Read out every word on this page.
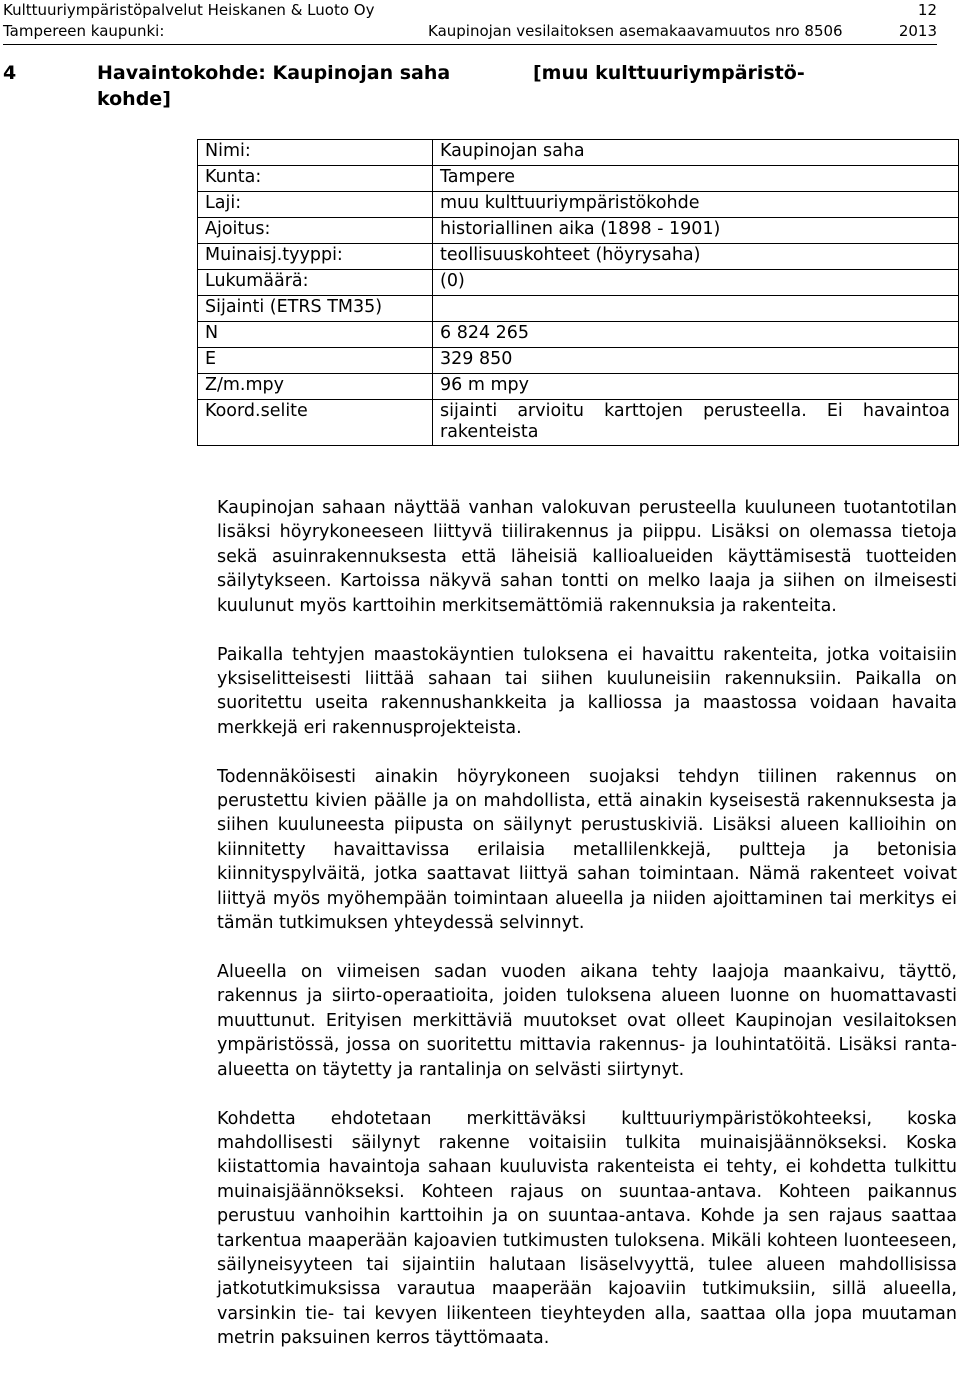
Kulttuuriympäristöpalvelut Heiskanen & Luoto Oy	12
Tampereen kaupunki:	Kaupinojan vesilaitoksen asemakaavamuutos nro 8506	2013
4	Havaintokohde: Kaupinojan saha	[muu kulttuuriympäristö-
kohde]
Nimi:	Kaupinojan saha
Kunta:	Tampere
Laji:	muu kulttuuriympäristökohde
Ajoitus:	historiallinen aika (1898 - 1901)
Muinaisj.tyyppi:	teollisuuskohteet (höyrysaha)
Lukumäärä:	(0)
Sijainti (ETRS TM35)	
N	6 824 265
E	329 850
Z/m.mpy	96 m mpy
Koord.selite	sijainti arvioitu karttojen perusteella. Ei havaintoa rakenteista

Kaupinojan sahaan näyttää vanhan valokuvan perusteella kuuluneen tuotantotilan lisäksi höyrykoneeseen liittyvä tiilirakennus ja piippu. Lisäksi on olemassa tietoja sekä asuinrakennuksesta että läheisiä kallioalueiden käyttämisestä tuotteiden säilytykseen. Kartoissa näkyvä sahan tontti on melko laaja ja siihen on ilmeisesti kuulunut myös karttoihin merkitsemättömiä rakennuksia ja rakenteita.

Paikalla tehtyjen maastokäyntien tuloksena ei havaittu rakenteita, jotka voitaisiin yksiselitteisesti liittää sahaan tai siihen kuuluneisiin rakennuksiin. Paikalla on suoritettu useita rakennushankkeita ja kalliossa ja maastossa voidaan havaita merkkejä eri rakennusprojekteista.

Todennäköisesti ainakin höyrykoneen suojaksi tehdyn tiilinen rakennus on perustettu kivien päälle ja on mahdollista, että ainakin kyseisestä rakennuksesta ja siihen kuuluneesta piipusta on säilynyt perustuskiviä. Lisäksi alueen kallioihin on kiinnitetty havaittavissa erilaisia metallilenkkejä, pultteja ja betonisia kiinnityspylväitä, jotka saattavat liittyä sahan toimintaan. Nämä rakenteet voivat liittyä myös myöhempään toimintaan alueella ja niiden ajoittaminen tai merkitys ei tämän tutkimuksen yhteydessä selvinnyt.

Alueella on viimeisen sadan vuoden aikana tehty laajoja maankaivu, täyttö, rakennus ja siirto-operaatioita, joiden tuloksena alueen luonne on huomattavasti muuttunut. Erityisen merkittäviä muutokset ovat olleet Kaupinojan vesilaitoksen ympäristössä, jossa on suoritettu mittavia rakennus- ja louhintatöitä. Lisäksi ranta-alueetta on täytetty ja rantalinja on selvästi siirtynyt.

Kohdetta ehdotetaan merkittäväksi kulttuuriympäristökohteeksi, koska mahdollisesti säilynyt rakenne voitaisiin tulkita muinaisjäännökseksi. Koska kiistattomia havaintoja sahaan kuuluvista rakenteista ei tehty, ei kohdetta tulkittu muinaisjäännökseksi. Kohteen rajaus on suuntaa-antava. Kohteen paikannus perustuu vanhoihin karttoihin ja on suuntaa-antava. Kohde ja sen rajaus saattaa tarkentua maaperään kajoavien tutkimusten tuloksena. Mikäli kohteen luonteeseen, säilyneisyyteen tai sijaintiin halutaan lisäselvyyttä, tulee alueen mahdollisissa jatkotutkimuksissa varautua maaperään kajoaviin tutkimuksiin, sillä alueella, varsinkin tie- tai kevyen liikenteen tieyhteyden alla, saattaa olla jopa muutaman metrin paksuinen kerros täyttömaata.
